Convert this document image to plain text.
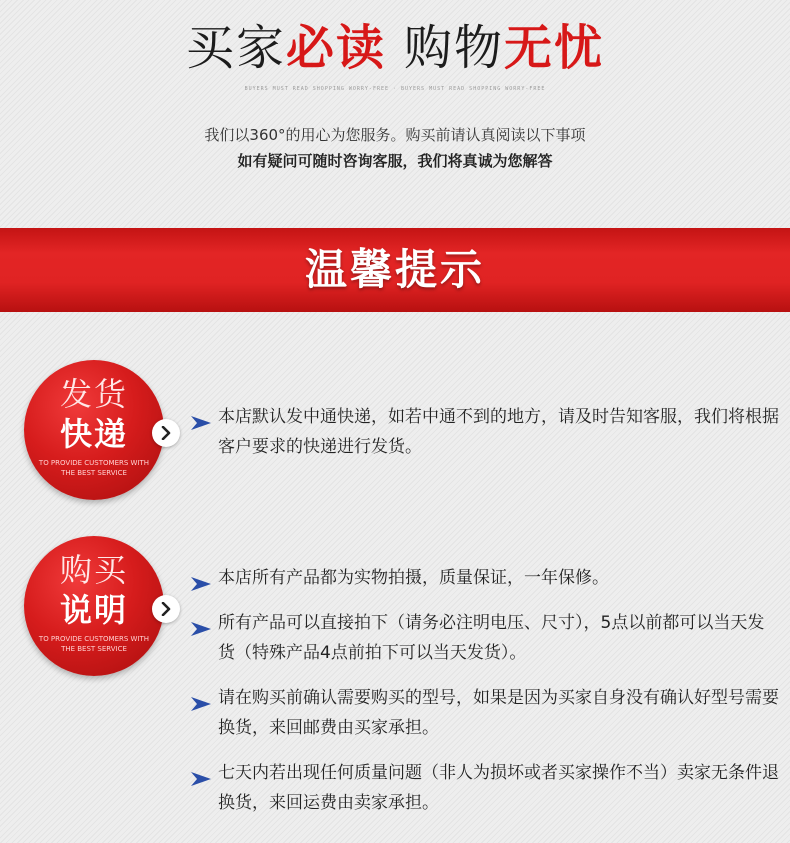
买家必读 购物无忧
BUYERS MUST READ SHOPPING WORRY-FREE · BUYERS MUST READ SHOPPING WORRY-FREE
我们以360°的用心为您服务。购买前请认真阅读以下事项
如有疑问可随时咨询客服，我们将真诚为您解答
温馨提示
发货
快递
TO PROVIDE CUSTOMERS WITH THE BEST SERVICE
本店默认发中通快递，如若中通不到的地方，请及时告知客服，我们将根据客户要求的快递进行发货。
购买
说明
TO PROVIDE CUSTOMERS WITH THE BEST SERVICE
本店所有产品都为实物拍摄，质量保证，一年保修。
所有产品可以直接拍下（请务必注明电压、尺寸），5点以前都可以当天发货（特殊产品4点前拍下可以当天发货）。
请在购买前确认需要购买的型号，如果是因为买家自身没有确认好型号需要换货，来回邮费由买家承担。
七天内若出现任何质量问题（非人为损坏或者买家操作不当）卖家无条件退换货，来回运费由卖家承担。
